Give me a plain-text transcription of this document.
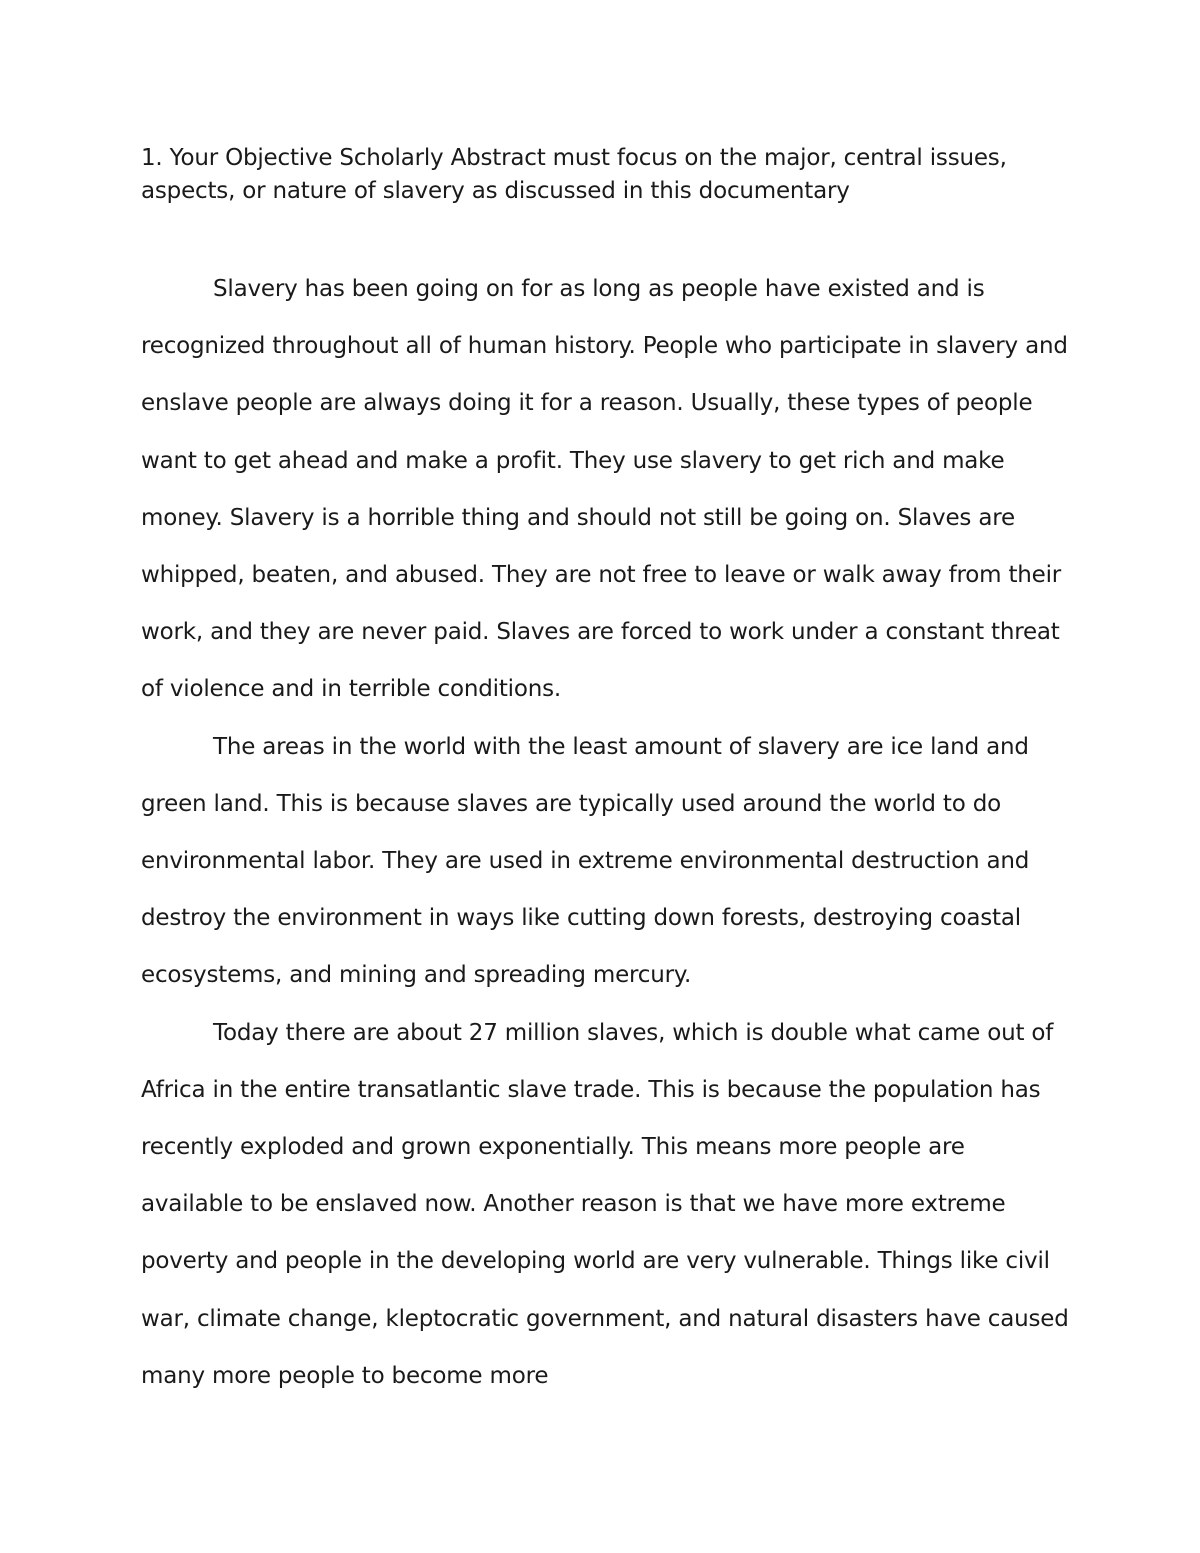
1. Your Objective Scholarly Abstract must focus on the major, central issues, aspects, or nature of slavery as discussed in this documentary

Slavery has been going on for as long as people have existed and is recognized throughout all of human history. People who participate in slavery and enslave people are always doing it for a reason. Usually, these types of people want to get ahead and make a profit. They use slavery to get rich and make money. Slavery is a horrible thing and should not still be going on. Slaves are whipped, beaten, and abused. They are not free to leave or walk away from their work, and they are never paid. Slaves are forced to work under a constant threat of violence and in terrible conditions.

The areas in the world with the least amount of slavery are ice land and green land. This is because slaves are typically used around the world to do environmental labor. They are used in extreme environmental destruction and destroy the environment in ways like cutting down forests, destroying coastal ecosystems, and mining and spreading mercury.

Today there are about 27 million slaves, which is double what came out of Africa in the entire transatlantic slave trade. This is because the population has recently exploded and grown exponentially. This means more people are available to be enslaved now. Another reason is that we have more extreme poverty and people in the developing world are very vulnerable. Things like civil war, climate change, kleptocratic government, and natural disasters have caused many more people to become more
